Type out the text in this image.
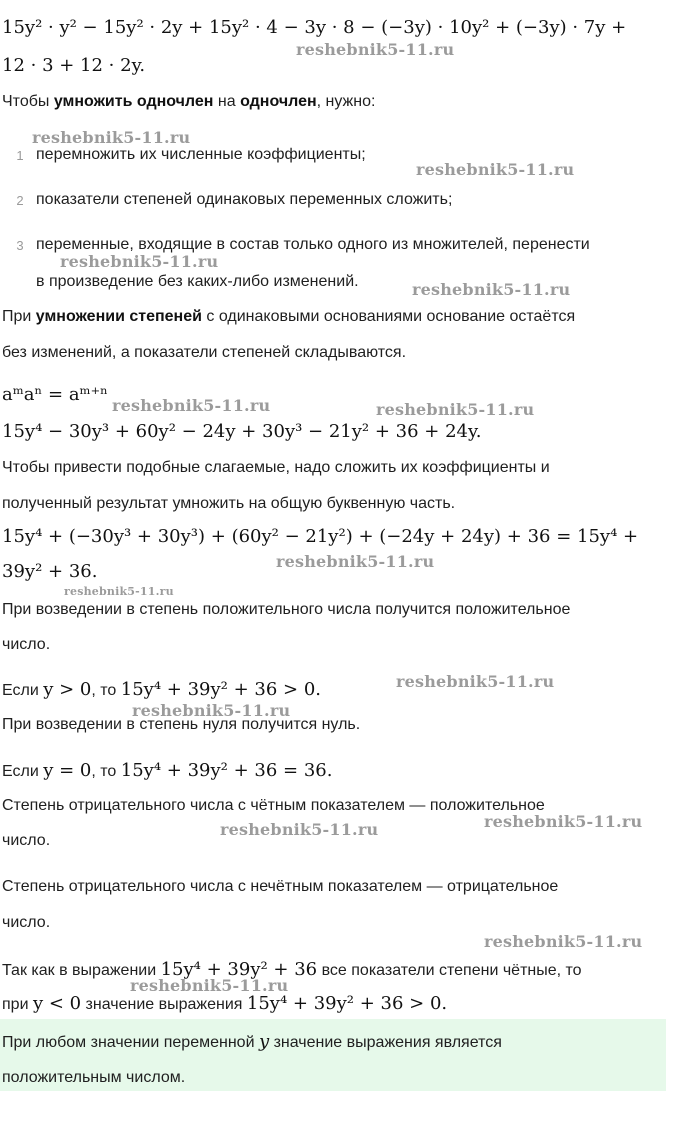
15y² · y² − 15y² · 2y + 15y² · 4 − 3y · 8 − (−3y) · 10y² + (−3y) · 7y +
12 · 3 + 12 · 2y.
Чтобы умножить одночлен на одночлен, нужно:
1 перемножить их численные коэффициенты;
2 показатели степеней одинаковых переменных сложить;
3 переменные, входящие в состав только одного из множителей, перенести
в произведение без каких-либо изменений.
При умножении степеней с одинаковыми основаниями основание остаётся
без изменений, а показатели степеней складываются.
aᵐaⁿ = aᵐ⁺ⁿ
15y⁴ − 30y³ + 60y² − 24y + 30y³ − 21y² + 36 + 24y.
Чтобы привести подобные слагаемые, надо сложить их коэффициенты и
полученный результат умножить на общую буквенную часть.
15y⁴ + (−30y³ + 30y³) + (60y² − 21y²) + (−24y + 24y) + 36 = 15y⁴ +
39y² + 36.
При возведении в степень положительного числа получится положительное
число.
Если y > 0, то 15y⁴ + 39y² + 36 > 0.
При возведении в степень нуля получится нуль.
Если y = 0, то 15y⁴ + 39y² + 36 = 36.
Степень отрицательного числа с чётным показателем — положительное
число.
Степень отрицательного числа с нечётным показателем — отрицательное
число.
Так как в выражении 15y⁴ + 39y² + 36 все показатели степени чётные, то
при y < 0 значение выражения 15y⁴ + 39y² + 36 > 0.
При любом значении переменной y значение выражения является
положительным числом.
reshebnik5-11.ru
reshebnik5-11.ru
reshebnik5-11.ru
reshebnik5-11.ru
reshebnik5-11.ru
reshebnik5-11.ru	reshebnik5-11.ru
reshebnik5-11.ru
reshebnik5-11.ru
reshebnik5-11.ru
reshebnik5-11.ru
reshebnik5-11.ru	reshebnik5-11.ru
reshebnik5-11.ru
reshebnik5-11.ru
